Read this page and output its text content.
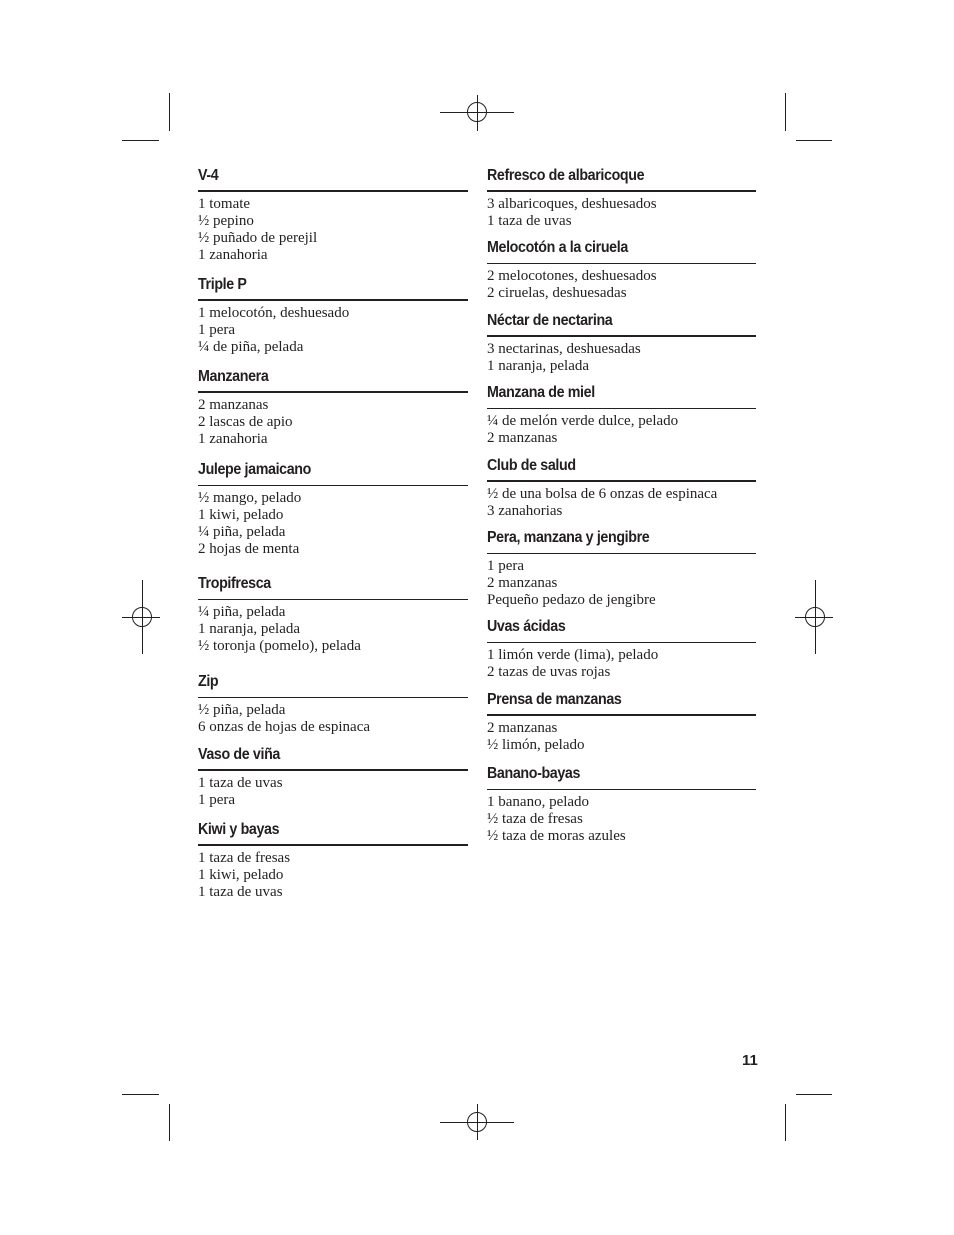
V-4
1 tomate
½ pepino
½ puñado de perejil
1 zanahoria
Triple P
1 melocotón, deshuesado
1 pera
¼ de piña, pelada
Manzanera
2 manzanas
2 lascas de apio
1 zanahoria
Julepe jamaicano
½ mango, pelado
1 kiwi, pelado
¼ piña, pelada
2 hojas de menta
Tropifresca
¼ piña, pelada
1 naranja, pelada
½ toronja (pomelo), pelada
Zip
½ piña, pelada
6 onzas de hojas de espinaca
Vaso de viña
1 taza de uvas
1 pera
Kiwi y bayas
1 taza de fresas
1 kiwi, pelado
1 taza de uvas
Refresco de albaricoque
3 albaricoques, deshuesados
1 taza de uvas
Melocotón a la ciruela
2 melocotones, deshuesados
2 ciruelas, deshuesadas
Néctar de nectarina
3 nectarinas, deshuesadas
1 naranja, pelada
Manzana de miel
¼ de melón verde dulce, pelado
2 manzanas
Club de salud
½ de una bolsa de 6 onzas de espinaca
3 zanahorias
Pera, manzana y jengibre
1 pera
2 manzanas
Pequeño pedazo de jengibre
Uvas ácidas
1 limón verde (lima), pelado
2 tazas de uvas rojas
Prensa de manzanas
2 manzanas
½ limón, pelado
Banano-bayas
1 banano, pelado
½ taza de fresas
½ taza de moras azules
11
